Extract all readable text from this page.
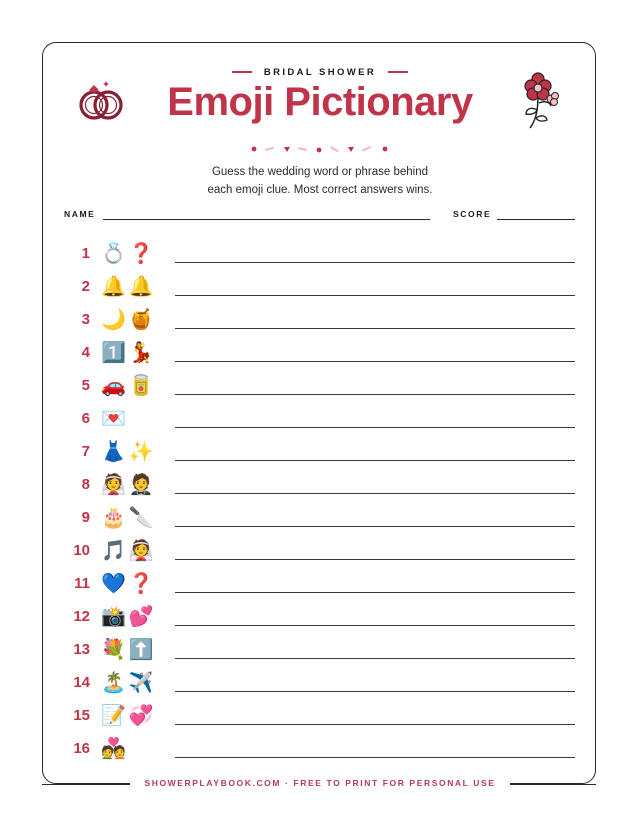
BRIDAL SHOWER
Emoji Pictionary
Guess the wedding word or phrase behind
each emoji clue. Most correct answers wins.
NAME	SCORE
1 💍❓
2 🔔🔔
3 🌙🍯
4 1️⃣💃
5 🚗🥫
6 💌
7 👗✨
8 👰🤵
9 🎂🔪
10 🎵👰
11 💙❓
12 📸💕
13 💐⬆️
14 🏝️✈️
15 📝💞
16 💑
SHOWERPLAYBOOK.COM · FREE TO PRINT FOR PERSONAL USE
